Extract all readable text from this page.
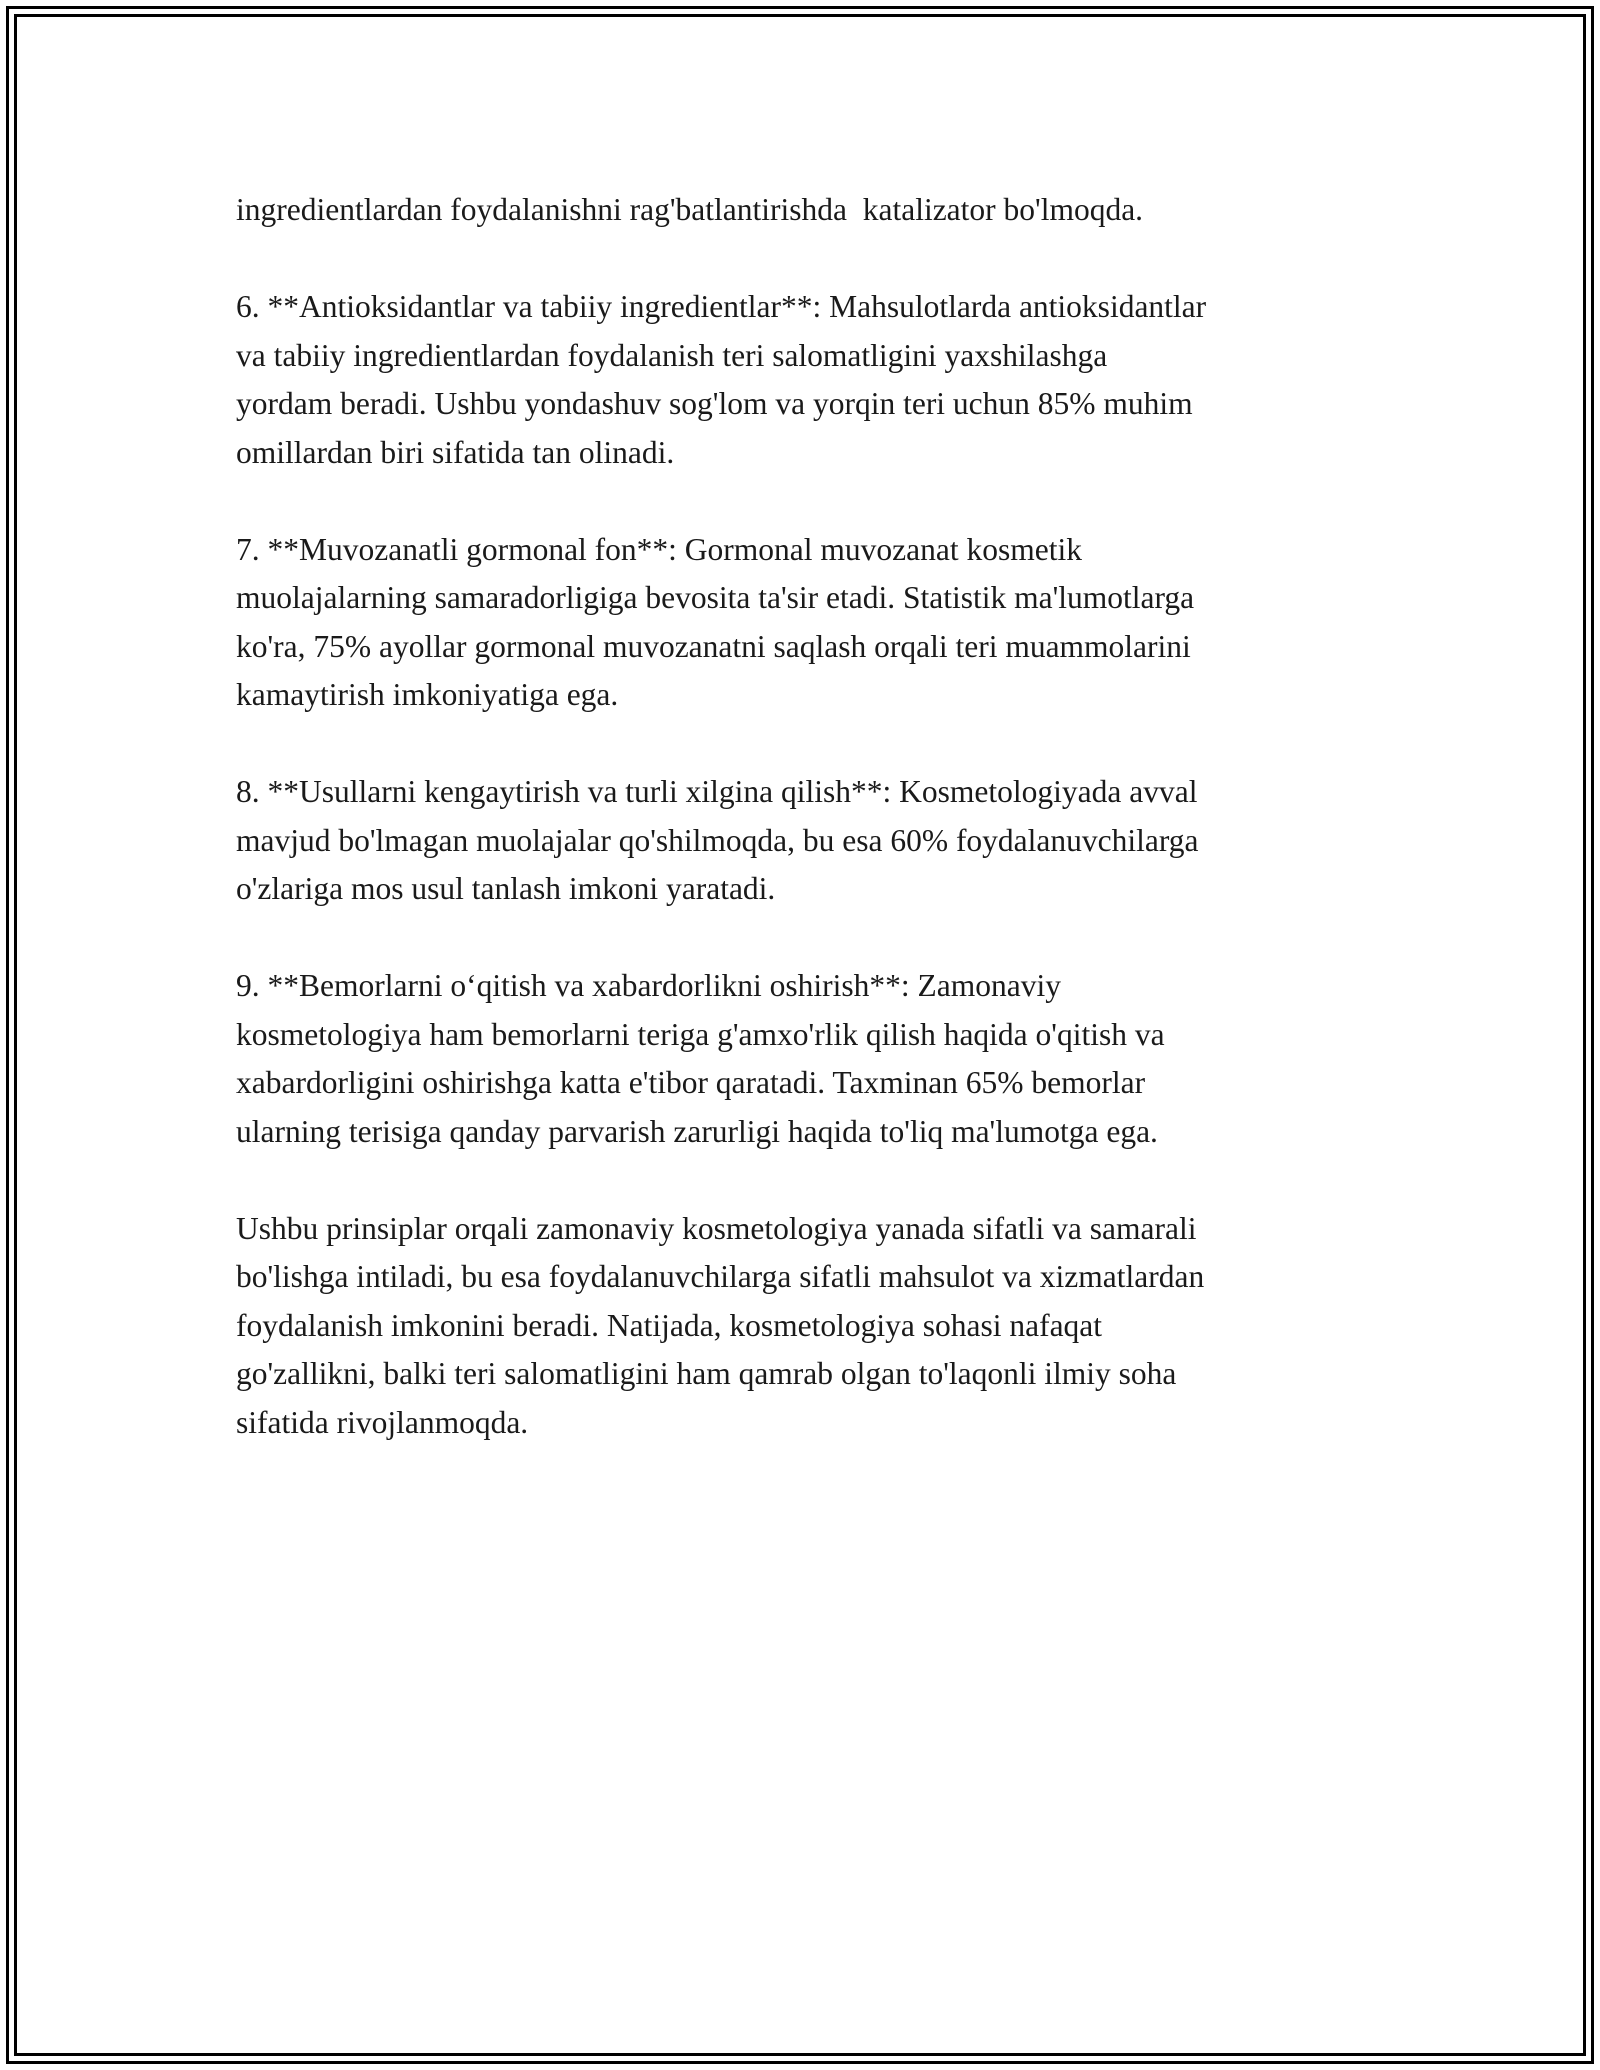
ingredientlardan foydalanishni rag'batlantirishda  katalizator bo'lmoqda.
6. **Antioksidantlar va tabiiy ingredientlar**: Mahsulotlarda antioksidantlar
va tabiiy ingredientlardan foydalanish teri salomatligini yaxshilashga
yordam beradi. Ushbu yondashuv sog'lom va yorqin teri uchun 85% muhim
omillardan biri sifatida tan olinadi.
7. **Muvozanatli gormonal fon**: Gormonal muvozanat kosmetik
muolajalarning samaradorligiga bevosita ta'sir etadi. Statistik ma'lumotlarga
ko'ra, 75% ayollar gormonal muvozanatni saqlash orqali teri muammolarini
kamaytirish imkoniyatiga ega.
8. **Usullarni kengaytirish va turli xilgina qilish**: Kosmetologiyada avval
mavjud bo'lmagan muolajalar qo'shilmoqda, bu esa 60% foydalanuvchilarga
o'zlariga mos usul tanlash imkoni yaratadi.
9. **Bemorlarni o‘qitish va xabardorlikni oshirish**: Zamonaviy
kosmetologiya ham bemorlarni teriga g'amxo'rlik qilish haqida o'qitish va
xabardorligini oshirishga katta e'tibor qaratadi. Taxminan 65% bemorlar
ularning terisiga qanday parvarish zarurligi haqida to'liq ma'lumotga ega.
Ushbu prinsiplar orqali zamonaviy kosmetologiya yanada sifatli va samarali
bo'lishga intiladi, bu esa foydalanuvchilarga sifatli mahsulot va xizmatlardan
foydalanish imkonini beradi. Natijada, kosmetologiya sohasi nafaqat
go'zallikni, balki teri salomatligini ham qamrab olgan to'laqonli ilmiy soha
sifatida rivojlanmoqda.
